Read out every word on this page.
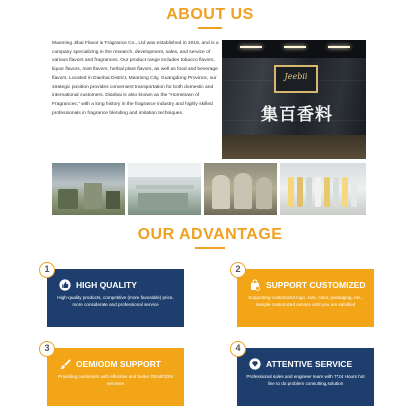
ABOUT US

Maoming Jibai Flavor & Fragrance Co., Ltd was established in 2018, and is a company specializing in the research, development, sales, and service of various flavors and fragrances. Our product range includes tobacco flavors, liquor flavors, mint flavors, herbal plant flavors, as well as food and beverage flavors. Located in Dianbai District, Maoming City, Guangdong Province, our strategic position provides convenient transportation for both domestic and international customers. Dianbai is also known as the "Hometown of Fragrances," with a long history in the fragrance industry and highly skilled professionals in fragrance blending and imitation techniques.

Jeebii
集百香料
OUR ADVANTAGE
1	2
3	4
HIGH QUALITY

High-quality products, competitive (more favorable) price, more considerate and professional service

SUPPORT CUSTOMIZED

Supporting customized logo, size, color, packaging, etc., sample customized service until you are satisfied

OEM/ODM SUPPORT

Providing customers with effective and better OEM/ODM services

ATTENTIVE SERVICE

Professional sales and engineer team with 7*24 Hours hot line to do problem consulting,solution
